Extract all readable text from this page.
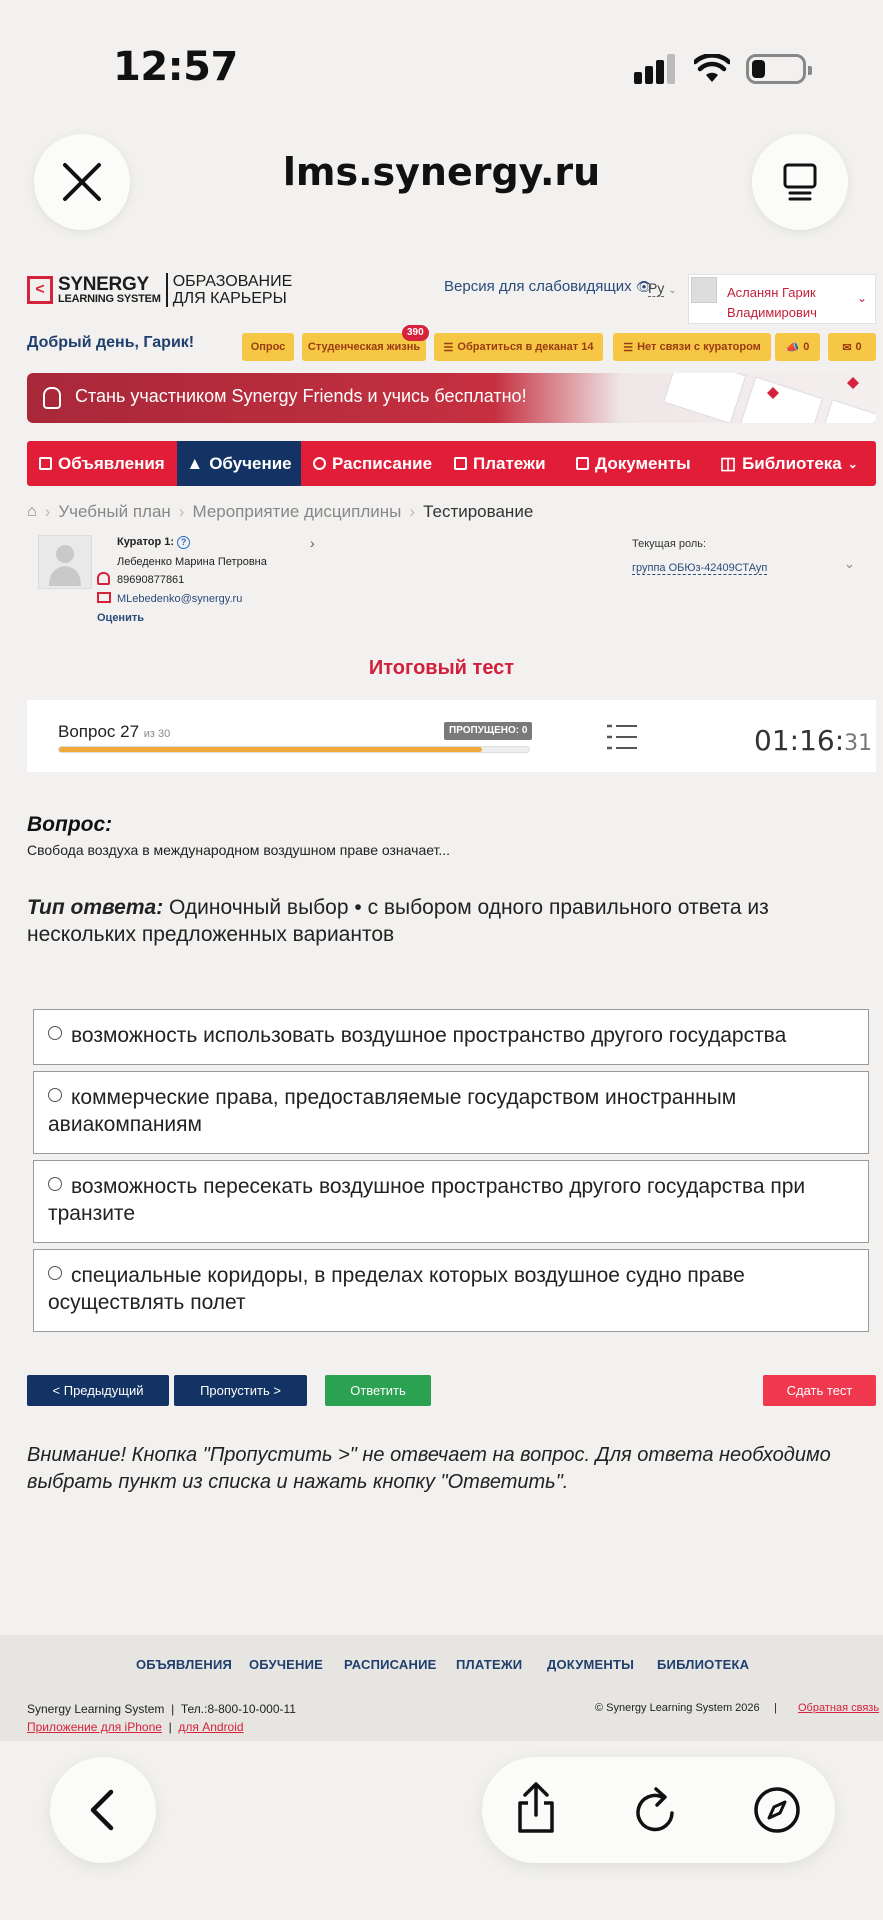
12:57
lms.synergy.ru
< SYNERGY
LEARNING SYSTEM
ОБРАЗОВАНИЕ
ДЛЯ КАРЬЕРЫ
Версия для слабовидящих 👁
Ру ⌄	Асланян Гарик
Владимирович
⌄
Добрый день, Гарик!	Опрос Студенческая жизнь
390
☰ Обратиться в деканат 14	☰ Нет связи с куратором 📣 0	✉ 0
Стань участником Synergy Friends и учись бесплатно!
Объявления ▲ Обучение Расписание Платежи	Документы ◫ Библиотека ⌄
⌂ › Учебный план › Мероприятие дисциплины › Тестирование
Куратор 1: ?	›
Лебеденко Марина Петровна
89690877861
MLebedenko@synergy.ru
Оценить
Текущая роль:
группа ОБЮз-42409СТАуп	⌄
Итоговый тест
Вопрос 27 из 30	ПРОПУЩЕНО: 0	01:16:31
Вопрос:
Свобода воздуха в международном воздушном праве означает...
Тип ответа: Одиночный выбор • с выбором одного правильного ответа из нескольких предложенных вариантов
возможность использовать воздушное пространство другого государства
коммерческие права, предоставляемые государством иностранным авиакомпаниям
возможность пересекать воздушное пространство другого государства при транзите
специальные коридоры, в пределах которых воздушное судно праве осуществлять полет
< Предыдущий	Пропустить >	Ответить	Сдать тест
Внимание! Кнопка "Пропустить >" не отвечает на вопрос. Для ответа необходимо выбрать пункт из списка и нажать кнопку "Ответить".
ОБЪЯВЛЕНИЯ ОБУЧЕНИЕ РАСПИСАНИЕ ПЛАТЕЖИ ДОКУМЕНТЫ БИБЛИОТЕКА
Synergy Learning System  |  Тел.:8-800-10-000-11
Приложение для iPhone  |  для Android
© Synergy Learning System 2026 | Обратная связь
